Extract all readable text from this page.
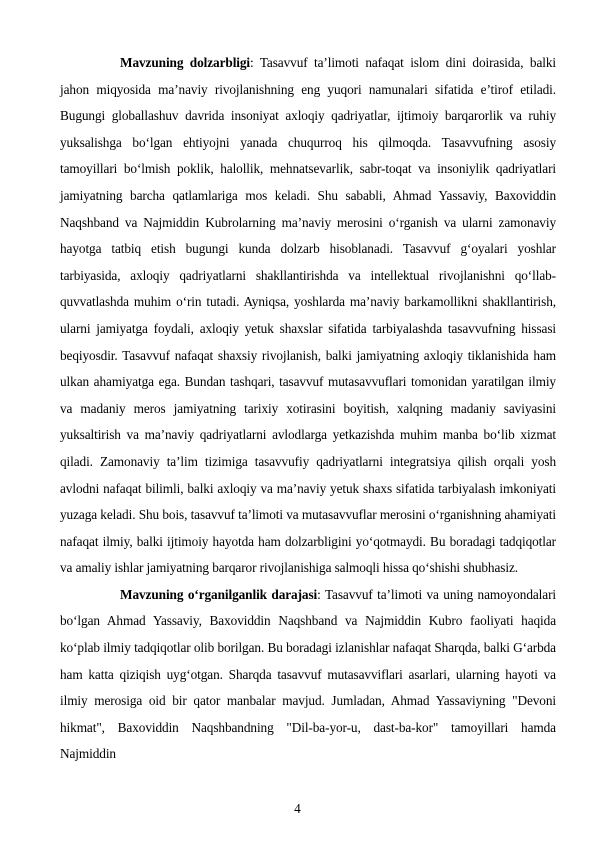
Mavzuning dolzarbligi: Tasavvuf ta’limoti nafaqat islom dini doirasida, balki jahon miqyosida ma’naviy rivojlanishning eng yuqori namunalari sifatida e’tirof etiladi. Bugungi globallashuv davrida insoniyat axloqiy qadriyatlar, ijtimoiy barqarorlik va ruhiy yuksalishga bo‘lgan ehtiyojni yanada chuqurroq his qilmoqda. Tasavvufning asosiy tamoyillari bo‘lmish poklik, halollik, mehnatsevarlik, sabr-toqat va insoniylik qadriyatlari jamiyatning barcha qatlamlariga mos keladi. Shu sababli, Ahmad Yassaviy, Baxoviddin Naqshband va Najmiddin Kubrolarning ma’naviy merosini o‘rganish va ularni zamonaviy hayotga tatbiq etish bugungi kunda dolzarb hisoblanadi. Tasavvuf g‘oyalari yoshlar tarbiyasida, axloqiy qadriyatlarni shakllantirishda va intellektual rivojlanishni qo‘llab-quvvatlashda muhim o‘rin tutadi. Ayniqsa, yoshlarda ma’naviy barkamollikni shakllantirish, ularni jamiyatga foydali, axloqiy yetuk shaxslar sifatida tarbiyalashda tasavvufning hissasi beqiyosdir. Tasavvuf nafaqat shaxsiy rivojlanish, balki jamiyatning axloqiy tiklanishida ham ulkan ahamiyatga ega. Bundan tashqari, tasavvuf mutasavvuflari tomonidan yaratilgan ilmiy va madaniy meros jamiyatning tarixiy xotirasini boyitish, xalqning madaniy saviyasini yuksaltirish va ma’naviy qadriyatlarni avlodlarga yetkazishda muhim manba bo‘lib xizmat qiladi. Zamonaviy ta’lim tizimiga tasavvufiy qadriyatlarni integratsiya qilish orqali yosh avlodni nafaqat bilimli, balki axloqiy va ma’naviy yetuk shaxs sifatida tarbiyalash imkoniyati yuzaga keladi. Shu bois, tasavvuf ta’limoti va mutasavvuflar merosini o‘rganishning ahamiyati nafaqat ilmiy, balki ijtimoiy hayotda ham dolzarbligini yo‘qotmaydi. Bu boradagi tadqiqotlar va amaliy ishlar jamiyatning barqaror rivojlanishiga salmoqli hissa qo‘shishi shubhasiz.

Mavzuning o‘rganilganlik darajasi: Tasavvuf ta’limoti va uning namoyondalari bo‘lgan Ahmad Yassaviy, Baxoviddin Naqshband va Najmiddin Kubro faoliyati haqida ko‘plab ilmiy tadqiqotlar olib borilgan. Bu boradagi izlanishlar nafaqat Sharqda, balki G‘arbda ham katta qiziqish uyg‘otgan. Sharqda tasavvuf mutasavviflari asarlari, ularning hayoti va ilmiy merosiga oid bir qator manbalar mavjud. Jumladan, Ahmad Yassaviyning "Devoni hikmat", Baxoviddin Naqshbandning "Dil-ba-yor-u, dast-ba-kor" tamoyillari hamda Najmiddin

4
